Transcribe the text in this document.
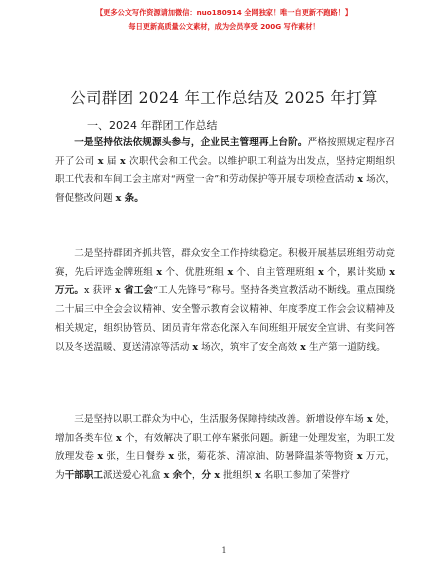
【更多公文写作资源请加微信：nuo180914 全网独家！唯一自更新不跑路！】
每日更新高质量公文素材，成为会员享受 200G 写作素材！
公司群团 2024 年工作总结及 2025 年打算
一、2024 年群团工作总结
一是坚持依法依规源头参与，企业民主管理再上台阶。严格按照规定程序召开了公司 x 届 x 次职代会和工代会。以维护职工利益为出发点，坚持定期组织职工代表和车间工会主席对“两堂一舍”和劳动保护等开展专项检查活动 x 场次，督促整改问题 x 条。
二是坚持群团齐抓共管，群众安全工作持续稳定。积极开展基层班组劳动竞赛，先后评选金牌班组 x 个、优胜班组 x 个、自主管理班组 x 个，累计奖励 x 万元。x 获评 x 省工会“工人先锋号”称号。坚持各类宣教活动不断线。重点围绕二十届三中全会会议精神、安全警示教育会议精神、年度季度工作会会议精神及相关规定，组织协管员、团员青年常态化深入车间班组开展安全宣讲、有奖问答以及冬送温暖、夏送清凉等活动 x 场次，筑牢了安全高效 x 生产第一道防线。
三是坚持以职工群众为中心，生活服务保障持续改善。新增设停车场 x 处，增加各类车位 x 个，有效解决了职工停车紧张问题。新建一处理发室，为职工发放理发卷 x 张，生日餐券 x 张，菊花茶、清凉油、防暑降温茶等物资 x 万元，为干部职工派送爱心礼盒 x 余个，分 x 批组织 x 名职工参加了荣誉疗
1
